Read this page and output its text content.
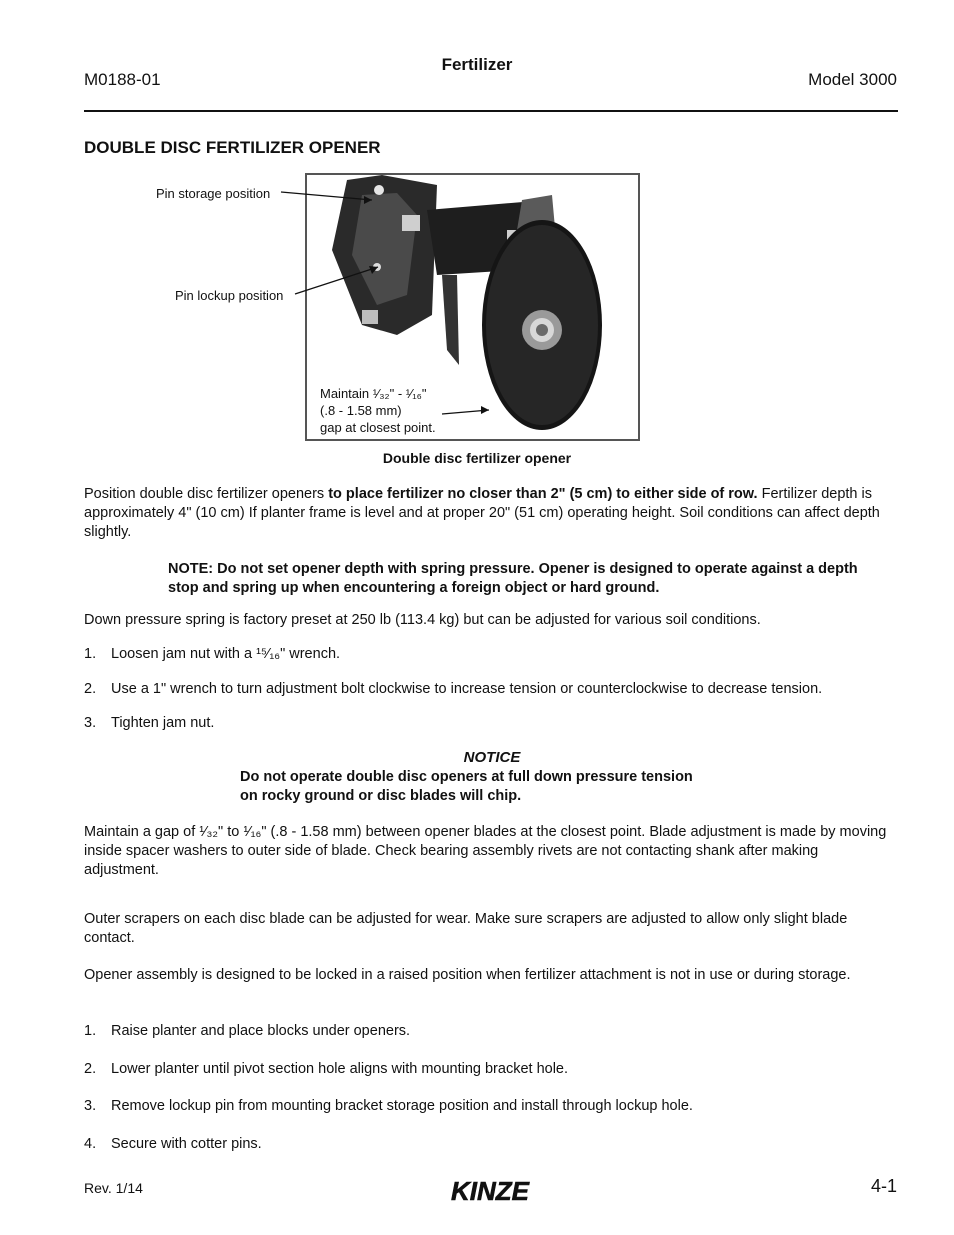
M0188-01
Fertilizer
Model 3000
DOUBLE DISC FERTILIZER OPENER
Pin storage position
Pin lockup position
Maintain ¹⁄₃₂" - ¹⁄₁₆"
(.8 - 1.58 mm)
gap at closest point.
Double disc fertilizer opener
Position double disc fertilizer openers to place fertilizer no closer than 2" (5 cm) to either side of row. Fertilizer depth is approximately 4" (10 cm) If planter frame is level and at proper 20" (51 cm) operating height. Soil conditions can affect depth slightly.
NOTE: Do not set opener depth with spring pressure. Opener is designed to operate against a depth stop and spring up when encountering a foreign object or hard ground.
Down pressure spring is factory preset at 250 lb (113.4 kg) but can be adjusted for various soil conditions.
1. Loosen jam nut with a ¹⁵⁄₁₆" wrench.
2. Use a 1" wrench to turn adjustment bolt clockwise to increase tension or counterclockwise to decrease tension.
3. Tighten jam nut.
NOTICE
Do not operate double disc openers at full down pressure tension
on rocky ground or disc blades will chip.
Maintain a gap of ¹⁄₃₂" to ¹⁄₁₆" (.8 - 1.58 mm) between opener blades at the closest point. Blade adjustment is made by moving inside spacer washers to outer side of blade. Check bearing assembly rivets are not contacting shank after making adjustment.
Outer scrapers on each disc blade can be adjusted for wear. Make sure scrapers are adjusted to allow only slight blade contact.
Opener assembly is designed to be locked in a raised position when fertilizer attachment is not in use or during storage.
1. Raise planter and place blocks under openers.
2. Lower planter until pivot section hole aligns with mounting bracket hole.
3. Remove lockup pin from mounting bracket storage position and install through lockup hole.
4. Secure with cotter pins.
Rev. 1/14	KINZE	4-1
